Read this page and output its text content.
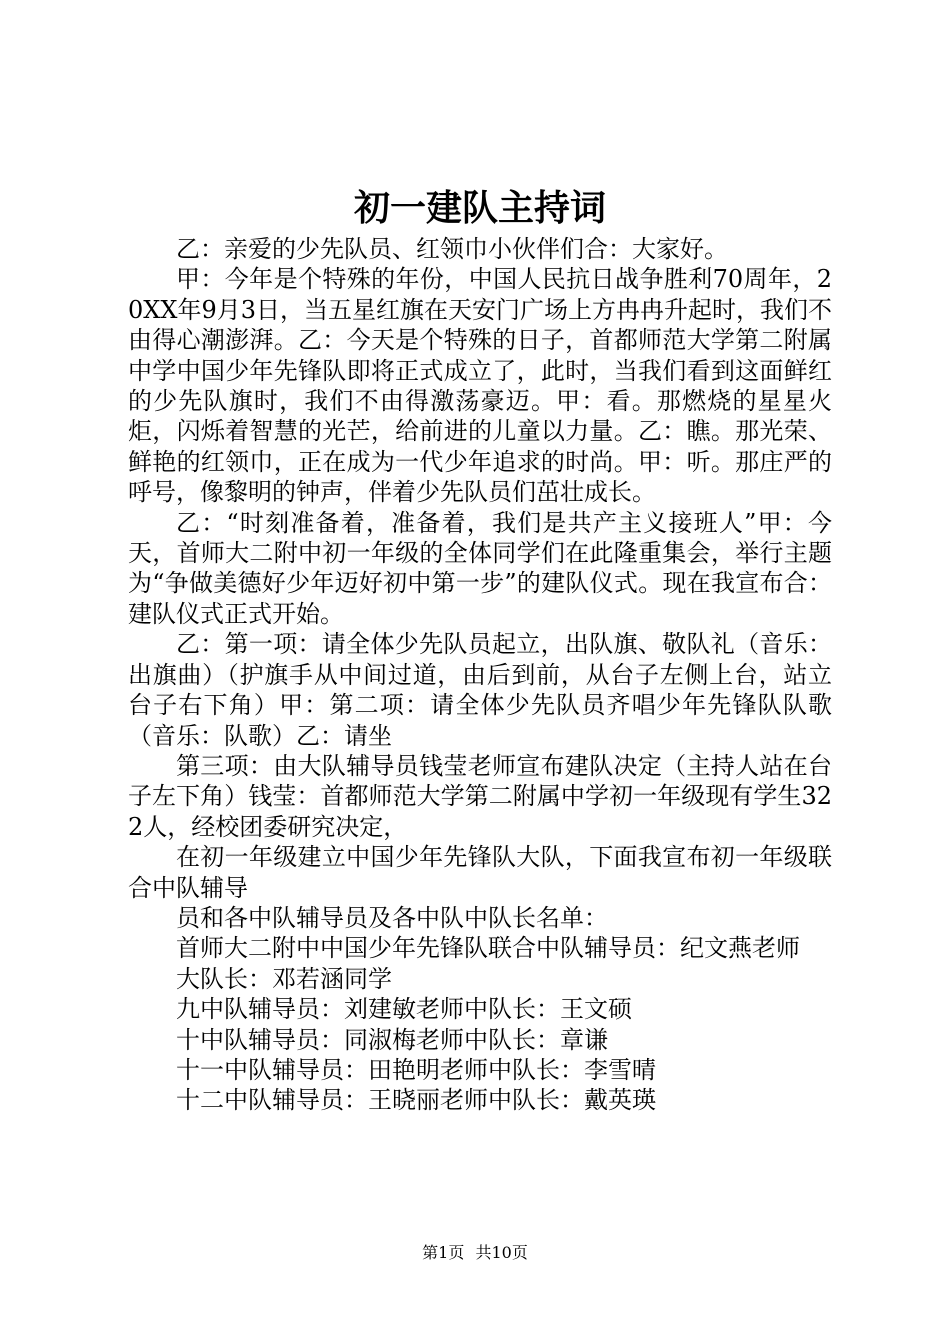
初一建队主持词

乙：亲爱的少先队员、红领巾小伙伴们合：大家好。

甲：今年是个特殊的年份，中国人民抗日战争胜利70周年，20XX年9月3日，当五星红旗在天安门广场上方冉冉升起时，我们不由得心潮澎湃。乙：今天是个特殊的日子，首都师范大学第二附属中学中国少年先锋队即将正式成立了，此时，当我们看到这面鲜红的少先队旗时，我们不由得激荡豪迈。甲：看。那燃烧的星星火炬，闪烁着智慧的光芒，给前进的儿童以力量。乙：瞧。那光荣、鲜艳的红领巾，正在成为一代少年追求的时尚。甲：听。那庄严的呼号，像黎明的钟声，伴着少先队员们茁壮成长。

乙：“时刻准备着，准备着，我们是共产主义接班人”甲：今天，首师大二附中初一年级的全体同学们在此隆重集会，举行主题为“争做美德好少年迈好初中第一步”的建队仪式。现在我宣布合：建队仪式正式开始。

乙：第一项：请全体少先队员起立，出队旗、敬队礼（音乐：出旗曲）（护旗手从中间过道，由后到前，从台子左侧上台，站立台子右下角）甲：第二项：请全体少先队员齐唱少年先锋队队歌（音乐：队歌）乙：请坐

第三项：由大队辅导员钱莹老师宣布建队决定（主持人站在台子左下角）钱莹：首都师范大学第二附属中学初一年级现有学生322人，经校团委研究决定，

在初一年级建立中国少年先锋队大队，下面我宣布初一年级联合中队辅导

员和各中队辅导员及各中队中队长名单：

首师大二附中中国少年先锋队联合中队辅导员：纪文燕老师

大队长：邓若涵同学

九中队辅导员：刘建敏老师中队长：王文硕

十中队辅导员：同淑梅老师中队长：章谦

十一中队辅导员：田艳明老师中队长：李雪晴

十二中队辅导员：王晓丽老师中队长：戴英瑛

第1页 共10页
